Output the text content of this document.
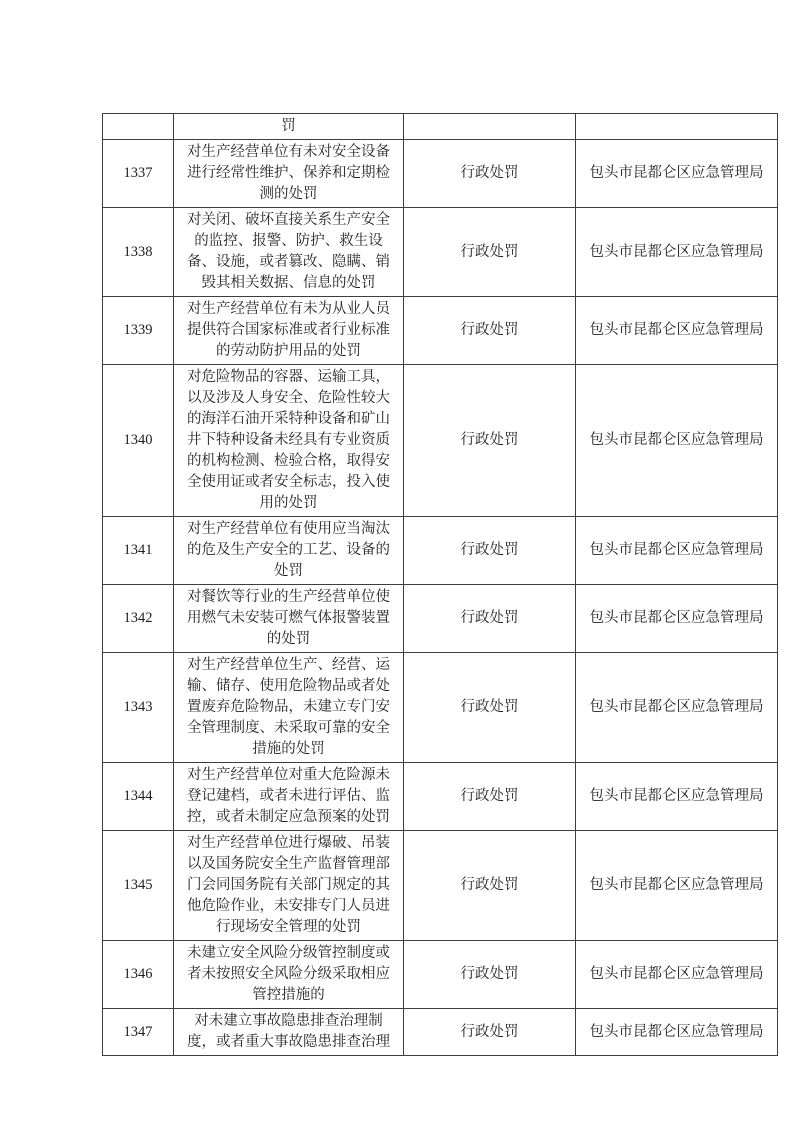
	罚		
1337	对生产经营单位有未对安全设备进行经常性维护、保养和定期检测的处罚	行政处罚	包头市昆都仑区应急管理局
1338	对关闭、破坏直接关系生产安全的监控、报警、防护、救生设备、设施，或者篡改、隐瞒、销毁其相关数据、信息的处罚	行政处罚	包头市昆都仑区应急管理局
1339	对生产经营单位有未为从业人员提供符合国家标准或者行业标准的劳动防护用品的处罚	行政处罚	包头市昆都仑区应急管理局
1340	对危险物品的容器、运输工具，以及涉及人身安全、危险性较大的海洋石油开采特种设备和矿山井下特种设备未经具有专业资质的机构检测、检验合格，取得安全使用证或者安全标志，投入使用的处罚	行政处罚	包头市昆都仑区应急管理局
1341	对生产经营单位有使用应当淘汰的危及生产安全的工艺、设备的处罚	行政处罚	包头市昆都仑区应急管理局
1342	对餐饮等行业的生产经营单位使用燃气未安装可燃气体报警装置的处罚	行政处罚	包头市昆都仑区应急管理局
1343	对生产经营单位生产、经营、运输、储存、使用危险物品或者处置废弃危险物品，未建立专门安全管理制度、未采取可靠的安全措施的处罚	行政处罚	包头市昆都仑区应急管理局
1344	对生产经营单位对重大危险源未登记建档，或者未进行评估、监控，或者未制定应急预案的处罚	行政处罚	包头市昆都仑区应急管理局
1345	对生产经营单位进行爆破、吊装以及国务院安全生产监督管理部门会同国务院有关部门规定的其他危险作业，未安排专门人员进行现场安全管理的处罚	行政处罚	包头市昆都仑区应急管理局
1346	未建立安全风险分级管控制度或者未按照安全风险分级采取相应管控措施的	行政处罚	包头市昆都仑区应急管理局
1347	对未建立事故隐患排查治理制度，或者重大事故隐患排查治理	行政处罚	包头市昆都仑区应急管理局
